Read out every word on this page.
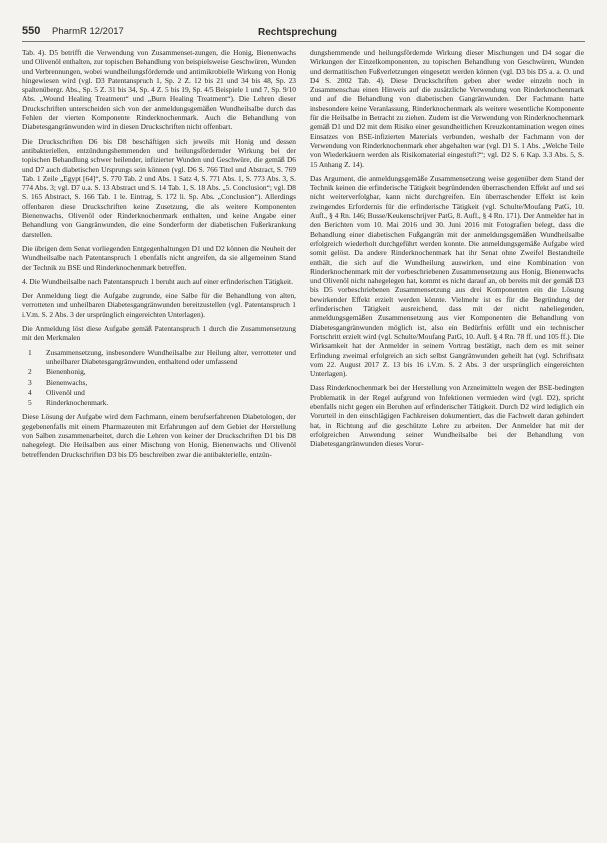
550 PharmR 12/2017	Rechtsprechung

Tab. 4). D5 betrifft die Verwendung von Zusammenset-zungen, die Honig, Bienenwachs und Olivenöl enthalten, zur topischen Behandlung von beispielsweise Geschwüren, Wunden und Verbrennungen, wobei wundheilungsfördernde und antimikrobielle Wirkung von Honig hingewiesen wird (vgl. D3 Patentanspruch 1, Sp. 2 Z. 12 bis 21 und 34 bis 48, Sp. 23 spaltenübergr. Abs., Sp. 5 Z. 31 bis 34, Sp. 4 Z. 5 bis 19, Sp. 4/5 Beispiele 1 und 7, Sp. 9/10 Abs. „Wound Healing Treatment“ und „Burn Healing Treatment“). Die Lehren dieser Druckschriften unterscheiden sich von der anmeldungsgemäßen Wundheilsalbe durch das Fehlen der vierten Komponente Rinderknochenmark. Auch die Behandlung von Diabetesgangränwunden wird in diesen Druckschriften nicht offenbart.

Die Druckschriften D6 bis D8 beschäftigen sich jeweils mit Honig und dessen antibakteriellen, entzündungshemmenden und heilungsfördernder Wirkung bei der topischen Behandlung schwer heilender, infizierter Wunden und Geschwüre, die gemäß D6 und D7 auch diabetischen Ursprungs sein können (vgl. D6 S. 766 Titel und Abstract, S. 769 Tab. 1 Zeile „Egypt [64]“, S. 770 Tab. 2 und Abs. 1 Satz 4, S. 771 Abs. 1, S. 773 Abs. 3, S. 774 Abs. 3; vgl. D7 u.a. S. 13 Abstract und S. 14 Tab. 1, S. 18 Abs. „5. Conclusion“; vgl. D8 S. 165 Abstract, S. 166 Tab. 1 le. Eintrag, S. 172 li. Sp. Abs. „Conclusion“). Allerdings offenbaren diese Druckschriften keine Zusetzung, die als weitere Komponenten Bienenwachs, Olivenöl oder Rinderknochenmark enthalten, und keine Angabe einer Behandlung von Gangränwunden, die eine Sonderform der diabetischen Fußerkrankung darstellen.

Die übrigen dem Senat vorliegenden Entgegenhaltungen D1 und D2 können die Neuheit der Wundheilsalbe nach Patentanspruch 1 ebenfalls nicht angreifen, da sie allgemeinen Stand der Technik zu BSE und Rinderknochenmark betreffen.

4. Die Wundheilsalbe nach Patentanspruch 1 beruht auch auf einer erfinderischen Tätigkeit.

Der Anmeldung liegt die Aufgabe zugrunde, eine Salbe für die Behandlung von alten, verrotteten und unheilbaren Diabetesgangränwunden bereitzustellen (vgl. Patentanspruch 1 i.V.m. S. 2 Abs. 3 der ursprünglich eingereichten Unterlagen).

Die Anmeldung löst diese Aufgabe gemäß Patentanspruch 1 durch die Zusammensetzung mit den Merkmalen

1	Zusammensetzung, insbesondere Wundheilsalbe zur Heilung alter, verrotteter und unheilbarer Diabetesgangränwunden, enthaltend oder umfassend
2	Bienenhonig,
3	Bienenwachs,
4	Olivenöl und
5	Rinderknochenmark.

Diese Lösung der Aufgabe wird dem Fachmann, einem berufserfahrenen Diabetologen, der gegebenenfalls mit einem Pharmazeuten mit Erfahrungen auf dem Gebiet der Herstellung von Salben zusammenarbeitet, durch die Lehren von keiner der Druckschriften D1 bis D8 nahegelegt. Die Heilsalben aus einer Mischung von Honig, Bienenwachs und Olivenöl betreffenden Druckschriften D3 bis D5 beschreiben zwar die antibakterielle, entzün-

dungshemmende und heilungsfördernde Wirkung dieser Mischungen und D4 sogar die Wirkungen der Einzelkomponenten, zu topischen Behandlung von Geschwüren, Wunden und dermatitischen Fußverletzungen eingesetzt werden können (vgl. D3 bis D5 a. a. O. und D4 S. 2002 Tab. 4). Diese Druckschriften geben aber weder einzeln noch in Zusammenschau einen Hinweis auf die zusätzliche Verwendung von Rinderknochenmark und auf die Behandlung von diabetischen Gangränwunden. Der Fachmann hatte insbesondere keine Veranlassung, Rinderknochenmark als weitere wesentliche Komponente für die Heilsalbe in Betracht zu ziehen. Zudem ist die Verwendung von Rinderknochenmark gemäß D1 und D2 mit dem Risiko einer gesundheitlichen Kreuzkontamination wegen eines Einsatzes von BSE-infizierten Materials verbunden, weshalb der Fachmann von der Verwendung von Rinderknochenmark eher abgehalten war (vgl. D1 S. 1 Abs. „Welche Teile von Wiederkäuern werden als Risikomaterial eingestuft?“; vgl. D2 S. 6 Kap. 3.3 Abs. 5, S. 15 Anhang Z. 14).

Das Argument, die anmeldungsgemäße Zusammensetzung weise gegenüber dem Stand der Technik keinen die erfinderische Tätigkeit begründenden überraschenden Effekt auf und sei nicht weiterverfolgbar, kann nicht durchgreifen. Ein überraschender Effekt ist kein zwingendes Erfordernis für die erfinderische Tätigkeit (vgl. Schulte/Moufang PatG, 10. Aufl., § 4 Rn. 146; Busse/Keukenschrijver PatG, 8. Aufl., § 4 Rn. 171). Der Anmelder hat in den Berichten vom 10. Mai 2016 und 30. Juni 2016 mit Fotografien belegt, dass die Behandlung einer diabetischen Fußgangrän mit der anmeldungsgemäßen Wundheilsalbe erfolgreich wiederholt durchgeführt werden konnte. Die anmeldungsgemäße Aufgabe wird somit gelöst. Da andere Rinderknochenmark hat ihr Senat ohne Zweifel Bestandteile enthält, die sich auf die Wundheilung auswirken, und eine Kombination von Rinderknochenmark mit der vorbeschriebenen Zusammensetzung aus Honig, Bienenwachs und Olivenöl nicht nahegelegen hat, kommt es nicht darauf an, ob bereits mit der gemäß D3 bis D5 vorbeschriebenen Zusammensetzung aus drei Komponenten ein die Lösung bewirkender Effekt erzielt werden könnte. Vielmehr ist es für die Begründung der erfinderischen Tätigkeit ausreichend, dass mit der nicht naheliegenden, anmeldungsgemäßen Zusammensetzung aus vier Komponenten die Behandlung von Diabetesgangränwunden möglich ist, also ein Bedürfnis erfüllt und ein technischer Fortschritt erzielt wird (vgl. Schulte/Moufang PatG, 10. Aufl. § 4 Rn. 78 ff. und 105 ff.). Die Wirksamkeit hat der Anmelder in seinem Vortrag bestätigt, nach dem es mit seiner Erfindung zweimal erfolgreich an sich selbst Gangränwunden geheilt hat (vgl. Schriftsatz vom 22. August 2017 Z. 13 bis 16 i.V.m. S. 2 Abs. 3 der ursprünglich eingereichten Unterlagen).

Dass Rinderknochenmark bei der Herstellung von Arzneimitteln wegen der BSE-bedingten Problematik in der Regel aufgrund von Infektionen vermieden wird (vgl. D2), spricht ebenfalls nicht gegen ein Beruhen auf erfinderischer Tätigkeit. Durch D2 wird lediglich ein Vorurteil in den einschlägigen Fachkreisen dokumentiert, das die Fachwelt daran gehindert hat, in Richtung auf die geschützte Lehre zu arbeiten. Der Anmelder hat mit der erfolgreichen Anwendung seiner Wundheilsalbe bei der Behandlung von Diabetesgangränwunden dieses Vorur-
